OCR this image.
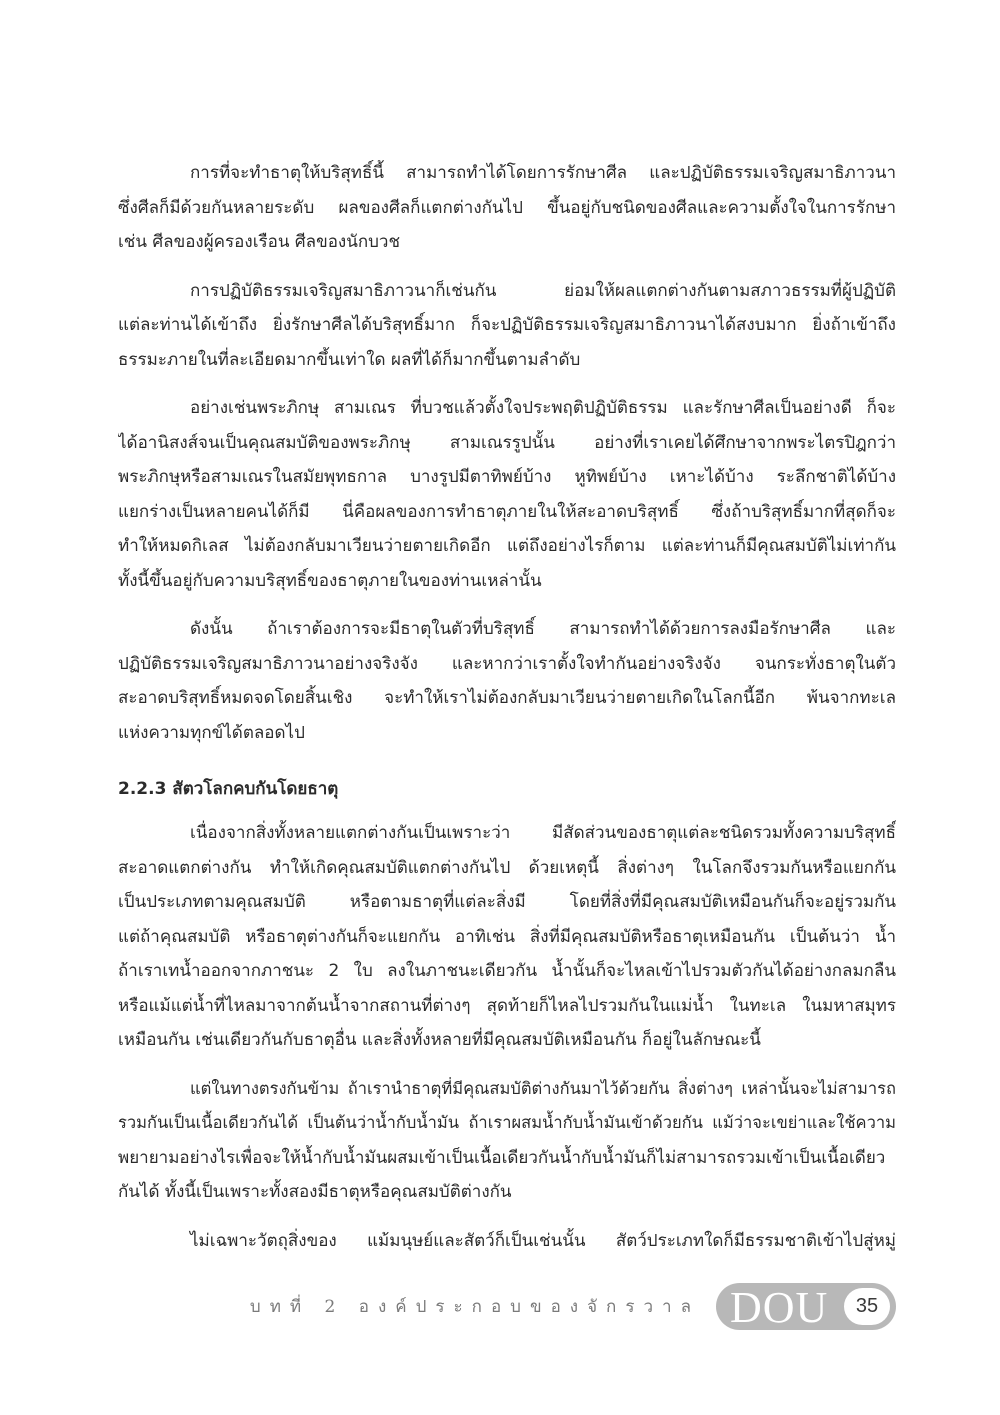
การที่จะทำธาตุให้บริสุทธิ์นี้ สามารถทำได้โดยการรักษาศีล และปฏิบัติธรรมเจริญสมาธิภาวนา
ซึ่งศีลก็มีด้วยกันหลายระดับ ผลของศีลก็แตกต่างกันไป ขึ้นอยู่กับชนิดของศีลและความตั้งใจในการรักษา
เช่น ศีลของผู้ครองเรือน ศีลของนักบวช
การปฏิบัติธรรมเจริญสมาธิภาวนาก็เช่นกัน ย่อมให้ผลแตกต่างกันตามสภาวธรรมที่ผู้ปฏิบัติ
แต่ละท่านได้เข้าถึง ยิ่งรักษาศีลได้บริสุทธิ์มาก ก็จะปฏิบัติธรรมเจริญสมาธิภาวนาได้สงบมาก ยิ่งถ้าเข้าถึง
ธรรมะภายในที่ละเอียดมากขึ้นเท่าใด ผลที่ได้ก็มากขึ้นตามลำดับ
อย่างเช่นพระภิกษุ สามเณร ที่บวชแล้วตั้งใจประพฤติปฏิบัติธรรม และรักษาศีลเป็นอย่างดี ก็จะ
ได้อานิสงส์จนเป็นคุณสมบัติของพระภิกษุ สามเณรรูปนั้น อย่างที่เราเคยได้ศึกษาจากพระไตรปิฎกว่า
พระภิกษุหรือสามเณรในสมัยพุทธกาล บางรูปมีตาทิพย์บ้าง หูทิพย์บ้าง เหาะได้บ้าง ระลึกชาติได้บ้าง
แยกร่างเป็นหลายคนได้ก็มี นี่คือผลของการทำธาตุภายในให้สะอาดบริสุทธิ์ ซึ่งถ้าบริสุทธิ์มากที่สุดก็จะ
ทำให้หมดกิเลส ไม่ต้องกลับมาเวียนว่ายตายเกิดอีก แต่ถึงอย่างไรก็ตาม แต่ละท่านก็มีคุณสมบัติไม่เท่ากัน
ทั้งนี้ขึ้นอยู่กับความบริสุทธิ์ของธาตุภายในของท่านเหล่านั้น
ดังนั้น ถ้าเราต้องการจะมีธาตุในตัวที่บริสุทธิ์ สามารถทำได้ด้วยการลงมือรักษาศีล และ
ปฏิบัติธรรมเจริญสมาธิภาวนาอย่างจริงจัง และหากว่าเราตั้งใจทำกันอย่างจริงจัง จนกระทั่งธาตุในตัว
สะอาดบริสุทธิ์หมดจดโดยสิ้นเชิง จะทำให้เราไม่ต้องกลับมาเวียนว่ายตายเกิดในโลกนี้อีก พ้นจากทะเล
แห่งความทุกข์ได้ตลอดไป
2.2.3 สัตวโลกคบกันโดยธาตุ
เนื่องจากสิ่งทั้งหลายแตกต่างกันเป็นเพราะว่า มีสัดส่วนของธาตุแต่ละชนิดรวมทั้งความบริสุทธิ์
สะอาดแตกต่างกัน ทำให้เกิดคุณสมบัติแตกต่างกันไป ด้วยเหตุนี้ สิ่งต่างๆ ในโลกจึงรวมกันหรือแยกกัน
เป็นประเภทตามคุณสมบัติ หรือตามธาตุที่แต่ละสิ่งมี โดยที่สิ่งที่มีคุณสมบัติเหมือนกันก็จะอยู่รวมกัน
แต่ถ้าคุณสมบัติ หรือธาตุต่างกันก็จะแยกกัน อาทิเช่น สิ่งที่มีคุณสมบัติหรือธาตุเหมือนกัน เป็นต้นว่า น้ำ
ถ้าเราเทน้ำออกจากภาชนะ 2 ใบ ลงในภาชนะเดียวกัน น้ำนั้นก็จะไหลเข้าไปรวมตัวกันได้อย่างกลมกลืน
หรือแม้แต่น้ำที่ไหลมาจากต้นน้ำจากสถานที่ต่างๆ สุดท้ายก็ไหลไปรวมกันในแม่น้ำ ในทะเล ในมหาสมุทร
เหมือนกัน เช่นเดียวกันกับธาตุอื่น และสิ่งทั้งหลายที่มีคุณสมบัติเหมือนกัน ก็อยู่ในลักษณะนี้
แต่ในทางตรงกันข้าม ถ้าเรานำธาตุที่มีคุณสมบัติต่างกันมาไว้ด้วยกัน สิ่งต่างๆ เหล่านั้นจะไม่สามารถ
รวมกันเป็นเนื้อเดียวกันได้ เป็นต้นว่าน้ำกับน้ำมัน ถ้าเราผสมน้ำกับน้ำมันเข้าด้วยกัน แม้ว่าจะเขย่าและใช้ความ
พยายามอย่างไรเพื่อจะให้น้ำกับน้ำมันผสมเข้าเป็นเนื้อเดียวกันน้ำกับน้ำมันก็ไม่สามารถรวมเข้าเป็นเนื้อเดียว
กันได้ ทั้งนี้เป็นเพราะทั้งสองมีธาตุหรือคุณสมบัติต่างกัน
ไม่เฉพาะวัตถุสิ่งของ แม้มนุษย์และสัตว์ก็เป็นเช่นนั้น สัตว์ประเภทใดก็มีธรรมชาติเข้าไปสู่หมู่
บทที่ 2 องค์ประกอบของจักรวาล DOU	35
